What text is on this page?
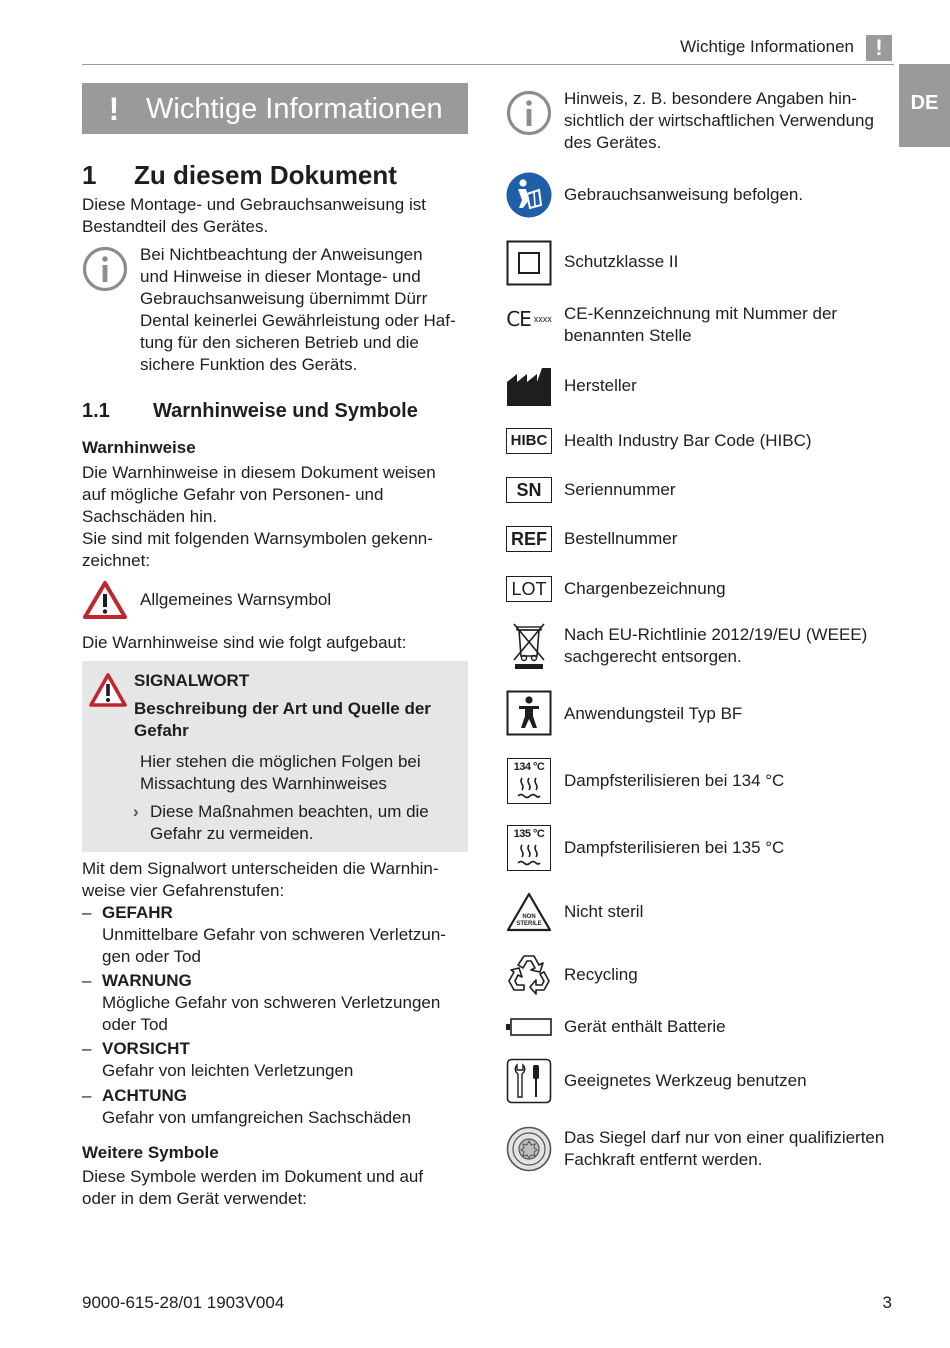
Wichtige Informationen !
DE
! Wichtige Informationen
1 Zu diesem Dokument
Diese Montage- und Gebrauchsanweisung ist
Bestandteil des Gerätes.
Bei Nichtbeachtung der Anweisungen
und Hinweise in dieser Montage- und
Gebrauchsanweisung übernimmt Dürr
Dental keinerlei Gewährleistung oder Haf-
tung für den sicheren Betrieb und die
sichere Funktion des Geräts.
1.1 Warnhinweise und Symbole
Warnhinweise
Die Warnhinweise in diesem Dokument weisen
auf mögliche Gefahr von Personen- und
Sachschäden hin.
Sie sind mit folgenden Warnsymbolen gekenn-
zeichnet:
Allgemeines Warnsymbol
Die Warnhinweise sind wie folgt aufgebaut:
SIGNALWORT
Beschreibung der Art und Quelle der
Gefahr
Hier stehen die möglichen Folgen bei
Missachtung des Warnhinweises
› Diese Maßnahmen beachten, um die
Gefahr zu vermeiden.
Mit dem Signalwort unterscheiden die Warnhin-
weise vier Gefahrenstufen:
– GEFAHR
Unmittelbare Gefahr von schweren Verletzun-
gen oder Tod
– WARNUNG
Mögliche Gefahr von schweren Verletzungen
oder Tod
– VORSICHT
Gefahr von leichten Verletzungen
– ACHTUNG
Gefahr von umfangreichen Sachschäden
Weitere Symbole
Diese Symbole werden im Dokument und auf
oder in dem Gerät verwendet:
Hinweis, z. B. besondere Angaben hin-
sichtlich der wirtschaftlichen Verwendung
des Gerätes.
Gebrauchsanweisung befolgen.
Schutzklasse II
CE xxxx CE-Kennzeichnung mit Nummer der
benannten Stelle
Hersteller
HIBC Health Industry Bar Code (HIBC)
SN	Seriennummer
REF Bestellnummer
LOT	Chargenbezeichnung
Nach EU-Richtlinie 2012/19/EU (WEEE)
sachgerecht entsorgen.
Anwendungsteil Typ BF
134 °C
Dampfsterilisieren bei 134 °C
135 °C
Dampfsterilisieren bei 135 °C
NON
STERILE
Nicht steril
Recycling
Gerät enthält Batterie
Geeignetes Werkzeug benutzen
Das Siegel darf nur von einer qualifizierten
Fachkraft entfernt werden.
9000-615-28/01 1903V004	3
